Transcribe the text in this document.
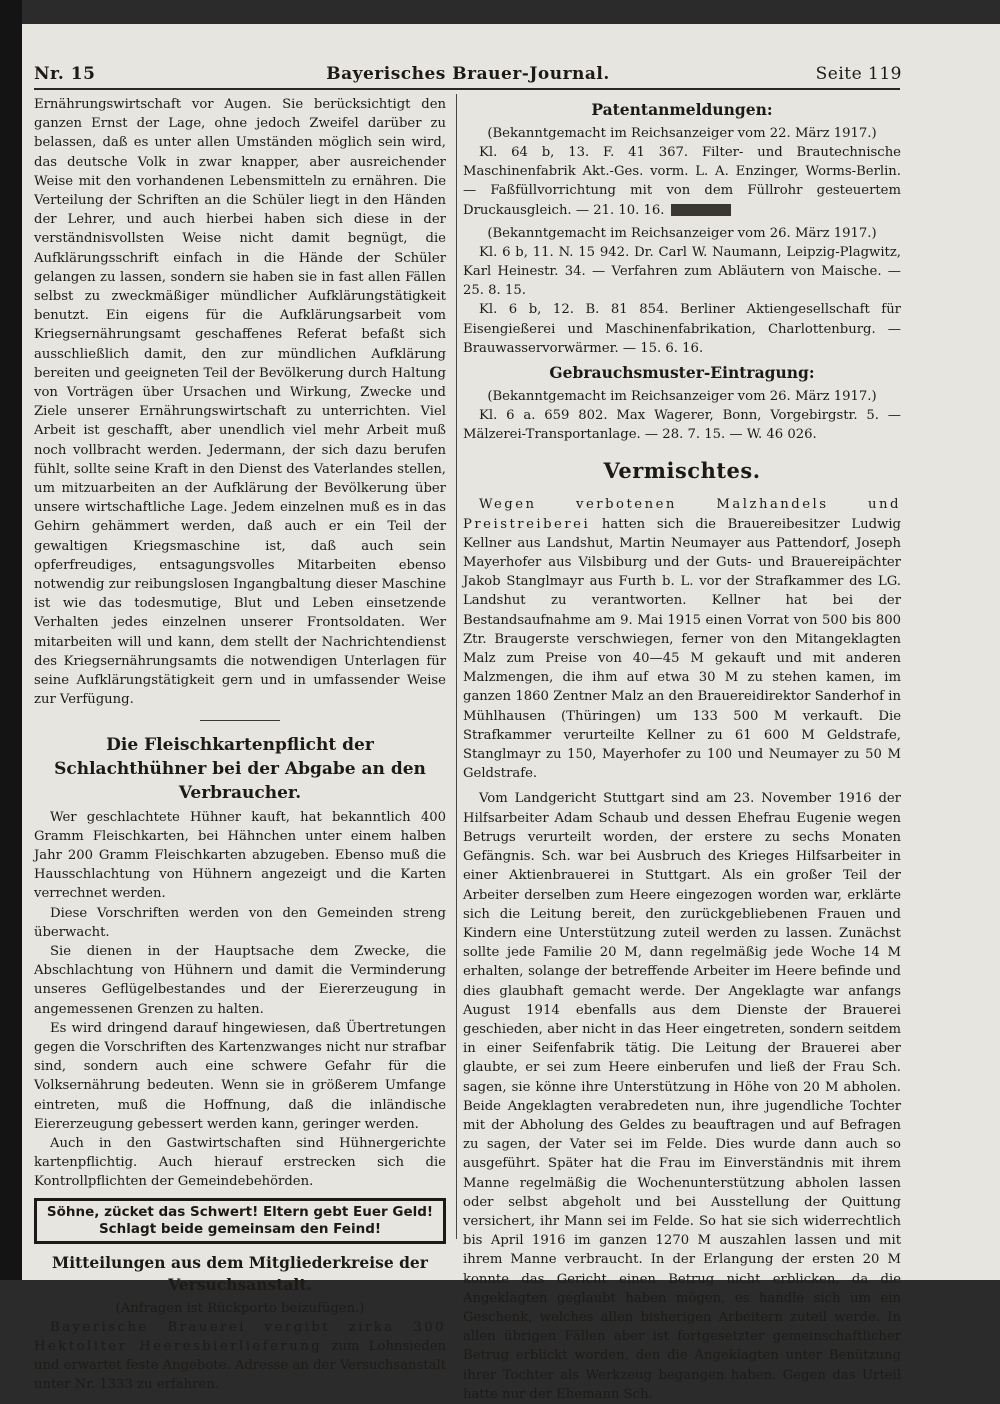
Nr. 15	Bayerisches Brauer-Journal.	Seite 119

Ernährungswirtschaft vor Augen. Sie berücksichtigt den ganzen Ernst der Lage, ohne jedoch Zweifel darüber zu belassen, daß es unter allen Umständen möglich sein wird, das deutsche Volk in zwar knapper, aber ausreichender Weise mit den vorhandenen Lebensmitteln zu ernähren. Die Verteilung der Schriften an die Schüler liegt in den Händen der Lehrer, und auch hierbei haben sich diese in der verständnisvollsten Weise nicht damit begnügt, die Aufklärungsschrift einfach in die Hände der Schüler gelangen zu lassen, sondern sie haben sie in fast allen Fällen selbst zu zweckmäßiger mündlicher Aufklärungstätigkeit benutzt. Ein eigens für die Aufklärungsarbeit vom Kriegsernährungsamt geschaffenes Referat befaßt sich ausschließlich damit, den zur mündlichen Aufklärung bereiten und geeigneten Teil der Bevölkerung durch Haltung von Vorträgen über Ursachen und Wirkung, Zwecke und Ziele unserer Ernährungswirtschaft zu unterrichten. Viel Arbeit ist geschafft, aber unendlich viel mehr Arbeit muß noch vollbracht werden. Jedermann, der sich dazu berufen fühlt, sollte seine Kraft in den Dienst des Vaterlandes stellen, um mitzuarbeiten an der Aufklärung der Bevölkerung über unsere wirtschaftliche Lage. Jedem einzelnen muß es in das Gehirn gehämmert werden, daß auch er ein Teil der gewaltigen Kriegsmaschine ist, daß auch sein opferfreudiges, entsagungsvolles Mitarbeiten ebenso notwendig zur reibungslosen Ingangbaltung dieser Maschine ist wie das todesmutige, Blut und Leben einsetzende Verhalten jedes einzelnen unserer Frontsoldaten. Wer mitarbeiten will und kann, dem stellt der Nachrichtendienst des Kriegsernährungsamts die notwendigen Unterlagen für seine Aufklärungstätigkeit gern und in umfassender Weise zur Verfügung.

Die Fleischkartenpflicht der Schlachthühner bei der Abgabe an den Verbraucher.

Wer geschlachtete Hühner kauft, hat bekanntlich 400 Gramm Fleischkarten, bei Hähnchen unter einem halben Jahr 200 Gramm Fleischkarten abzugeben. Ebenso muß die Hausschlachtung von Hühnern angezeigt und die Karten verrechnet werden.

Diese Vorschriften werden von den Gemeinden streng überwacht.

Sie dienen in der Hauptsache dem Zwecke, die Abschlachtung von Hühnern und damit die Verminderung unseres Geflügelbestandes und der Eiererzeugung in angemessenen Grenzen zu halten.

Es wird dringend darauf hingewiesen, daß Übertretungen gegen die Vorschriften des Kartenzwanges nicht nur strafbar sind, sondern auch eine schwere Gefahr für die Volksernährung bedeuten. Wenn sie in größerem Umfange eintreten, muß die Hoffnung, daß die inländische Eiererzeugung gebessert werden kann, geringer werden.

Auch in den Gastwirtschaften sind Hühnergerichte kartenpflichtig. Auch hierauf erstrecken sich die Kontrollpflichten der Gemeindebehörden.

Söhne, zücket das Schwert! Eltern gebt Euer Geld!
Schlagt beide gemeinsam den Feind!
Mitteilungen aus dem Mitgliederkreise der Versuchsanstalt.

(Anfragen ist Rückporto beizufügen.)

Bayerische Brauerei vergibt zirka 300 Hektoliter Heeresbierlieferung zum Lohnsieden und erwartet feste Angebote. Adresse an der Versuchsanstalt unter Nr. 1333 zu erfahren.

Patentanmeldungen:

(Bekanntgemacht im Reichsanzeiger vom 22. März 1917.)

Kl. 64 b, 13. F. 41 367. Filter- und Brautechnische Maschinenfabrik Akt.-Ges. vorm. L. A. Enzinger, Worms-Berlin. — Faßfüllvorrichtung mit von dem Füllrohr gesteuertem Druckausgleich. — 21. 10. 16.

(Bekanntgemacht im Reichsanzeiger vom 26. März 1917.)

Kl. 6 b, 11. N. 15 942. Dr. Carl W. Naumann, Leipzig-Plagwitz, Karl Heinestr. 34. — Verfahren zum Abläutern von Maische. — 25. 8. 15.

Kl. 6 b, 12. B. 81 854. Berliner Aktiengesellschaft für Eisengießerei und Maschinenfabrikation, Charlottenburg. — Brauwasservorwärmer. — 15. 6. 16.

Gebrauchsmuster-Eintragung:

(Bekanntgemacht im Reichsanzeiger vom 26. März 1917.)

Kl. 6 a. 659 802. Max Wagerer, Bonn, Vorgebirgstr. 5. — Mälzerei-Transportanlage. — 28. 7. 15. — W. 46 026.

Vermischtes.

Wegen verbotenen Malzhandels und Preistreiberei hatten sich die Brauereibesitzer Ludwig Kellner aus Landshut, Martin Neumayer aus Pattendorf, Joseph Mayerhofer aus Vilsbiburg und der Guts- und Brauereipächter Jakob Stanglmayr aus Furth b. L. vor der Strafkammer des LG. Landshut zu verantworten. Kellner hat bei der Bestandsaufnahme am 9. Mai 1915 einen Vorrat von 500 bis 800 Ztr. Braugerste verschwiegen, ferner von den Mitangeklagten Malz zum Preise von 40—45 M gekauft und mit anderen Malzmengen, die ihm auf etwa 30 M zu stehen kamen, im ganzen 1860 Zentner Malz an den Brauereidirektor Sanderhof in Mühlhausen (Thüringen) um 133 500 M verkauft. Die Strafkammer verurteilte Kellner zu 61 600 M Geldstrafe, Stanglmayr zu 150, Mayerhofer zu 100 und Neumayer zu 50 M Geldstrafe.

Vom Landgericht Stuttgart sind am 23. November 1916 der Hilfsarbeiter Adam Schaub und dessen Ehefrau Eugenie wegen Betrugs verurteilt worden, der erstere zu sechs Monaten Gefängnis. Sch. war bei Ausbruch des Krieges Hilfsarbeiter in einer Aktienbrauerei in Stuttgart. Als ein großer Teil der Arbeiter derselben zum Heere eingezogen worden war, erklärte sich die Leitung bereit, den zurückgebliebenen Frauen und Kindern eine Unterstützung zuteil werden zu lassen. Zunächst sollte jede Familie 20 M, dann regelmäßig jede Woche 14 M erhalten, solange der betreffende Arbeiter im Heere befinde und dies glaubhaft gemacht werde. Der Angeklagte war anfangs August 1914 ebenfalls aus dem Dienste der Brauerei geschieden, aber nicht in das Heer eingetreten, sondern seitdem in einer Seifenfabrik tätig. Die Leitung der Brauerei aber glaubte, er sei zum Heere einberufen und ließ der Frau Sch. sagen, sie könne ihre Unterstützung in Höhe von 20 M abholen. Beide Angeklagten verabredeten nun, ihre jugendliche Tochter mit der Abholung des Geldes zu beauftragen und auf Befragen zu sagen, der Vater sei im Felde. Dies wurde dann auch so ausgeführt. Später hat die Frau im Einverständnis mit ihrem Manne regelmäßig die Wochenunterstützung abholen lassen oder selbst abgeholt und bei Ausstellung der Quittung versichert, ihr Mann sei im Felde. So hat sie sich widerrechtlich bis April 1916 im ganzen 1270 M auszahlen lassen und mit ihrem Manne verbraucht. In der Erlangung der ersten 20 M konnte das Gericht einen Betrug nicht erblicken, da die Angeklagten geglaubt haben mögen, es handle sich um ein Geschenk, welches allen bisherigen Arbeitern zuteil werde. In allen übrigen Fällen aber ist fortgesetzter gemeinschaftlicher Betrug erblickt worden, den die Angeklagten unter Benützung ihrer Tochter als Werkzeug begangen haben. Gegen das Urteil hatte nur der Ehemann Sch.
